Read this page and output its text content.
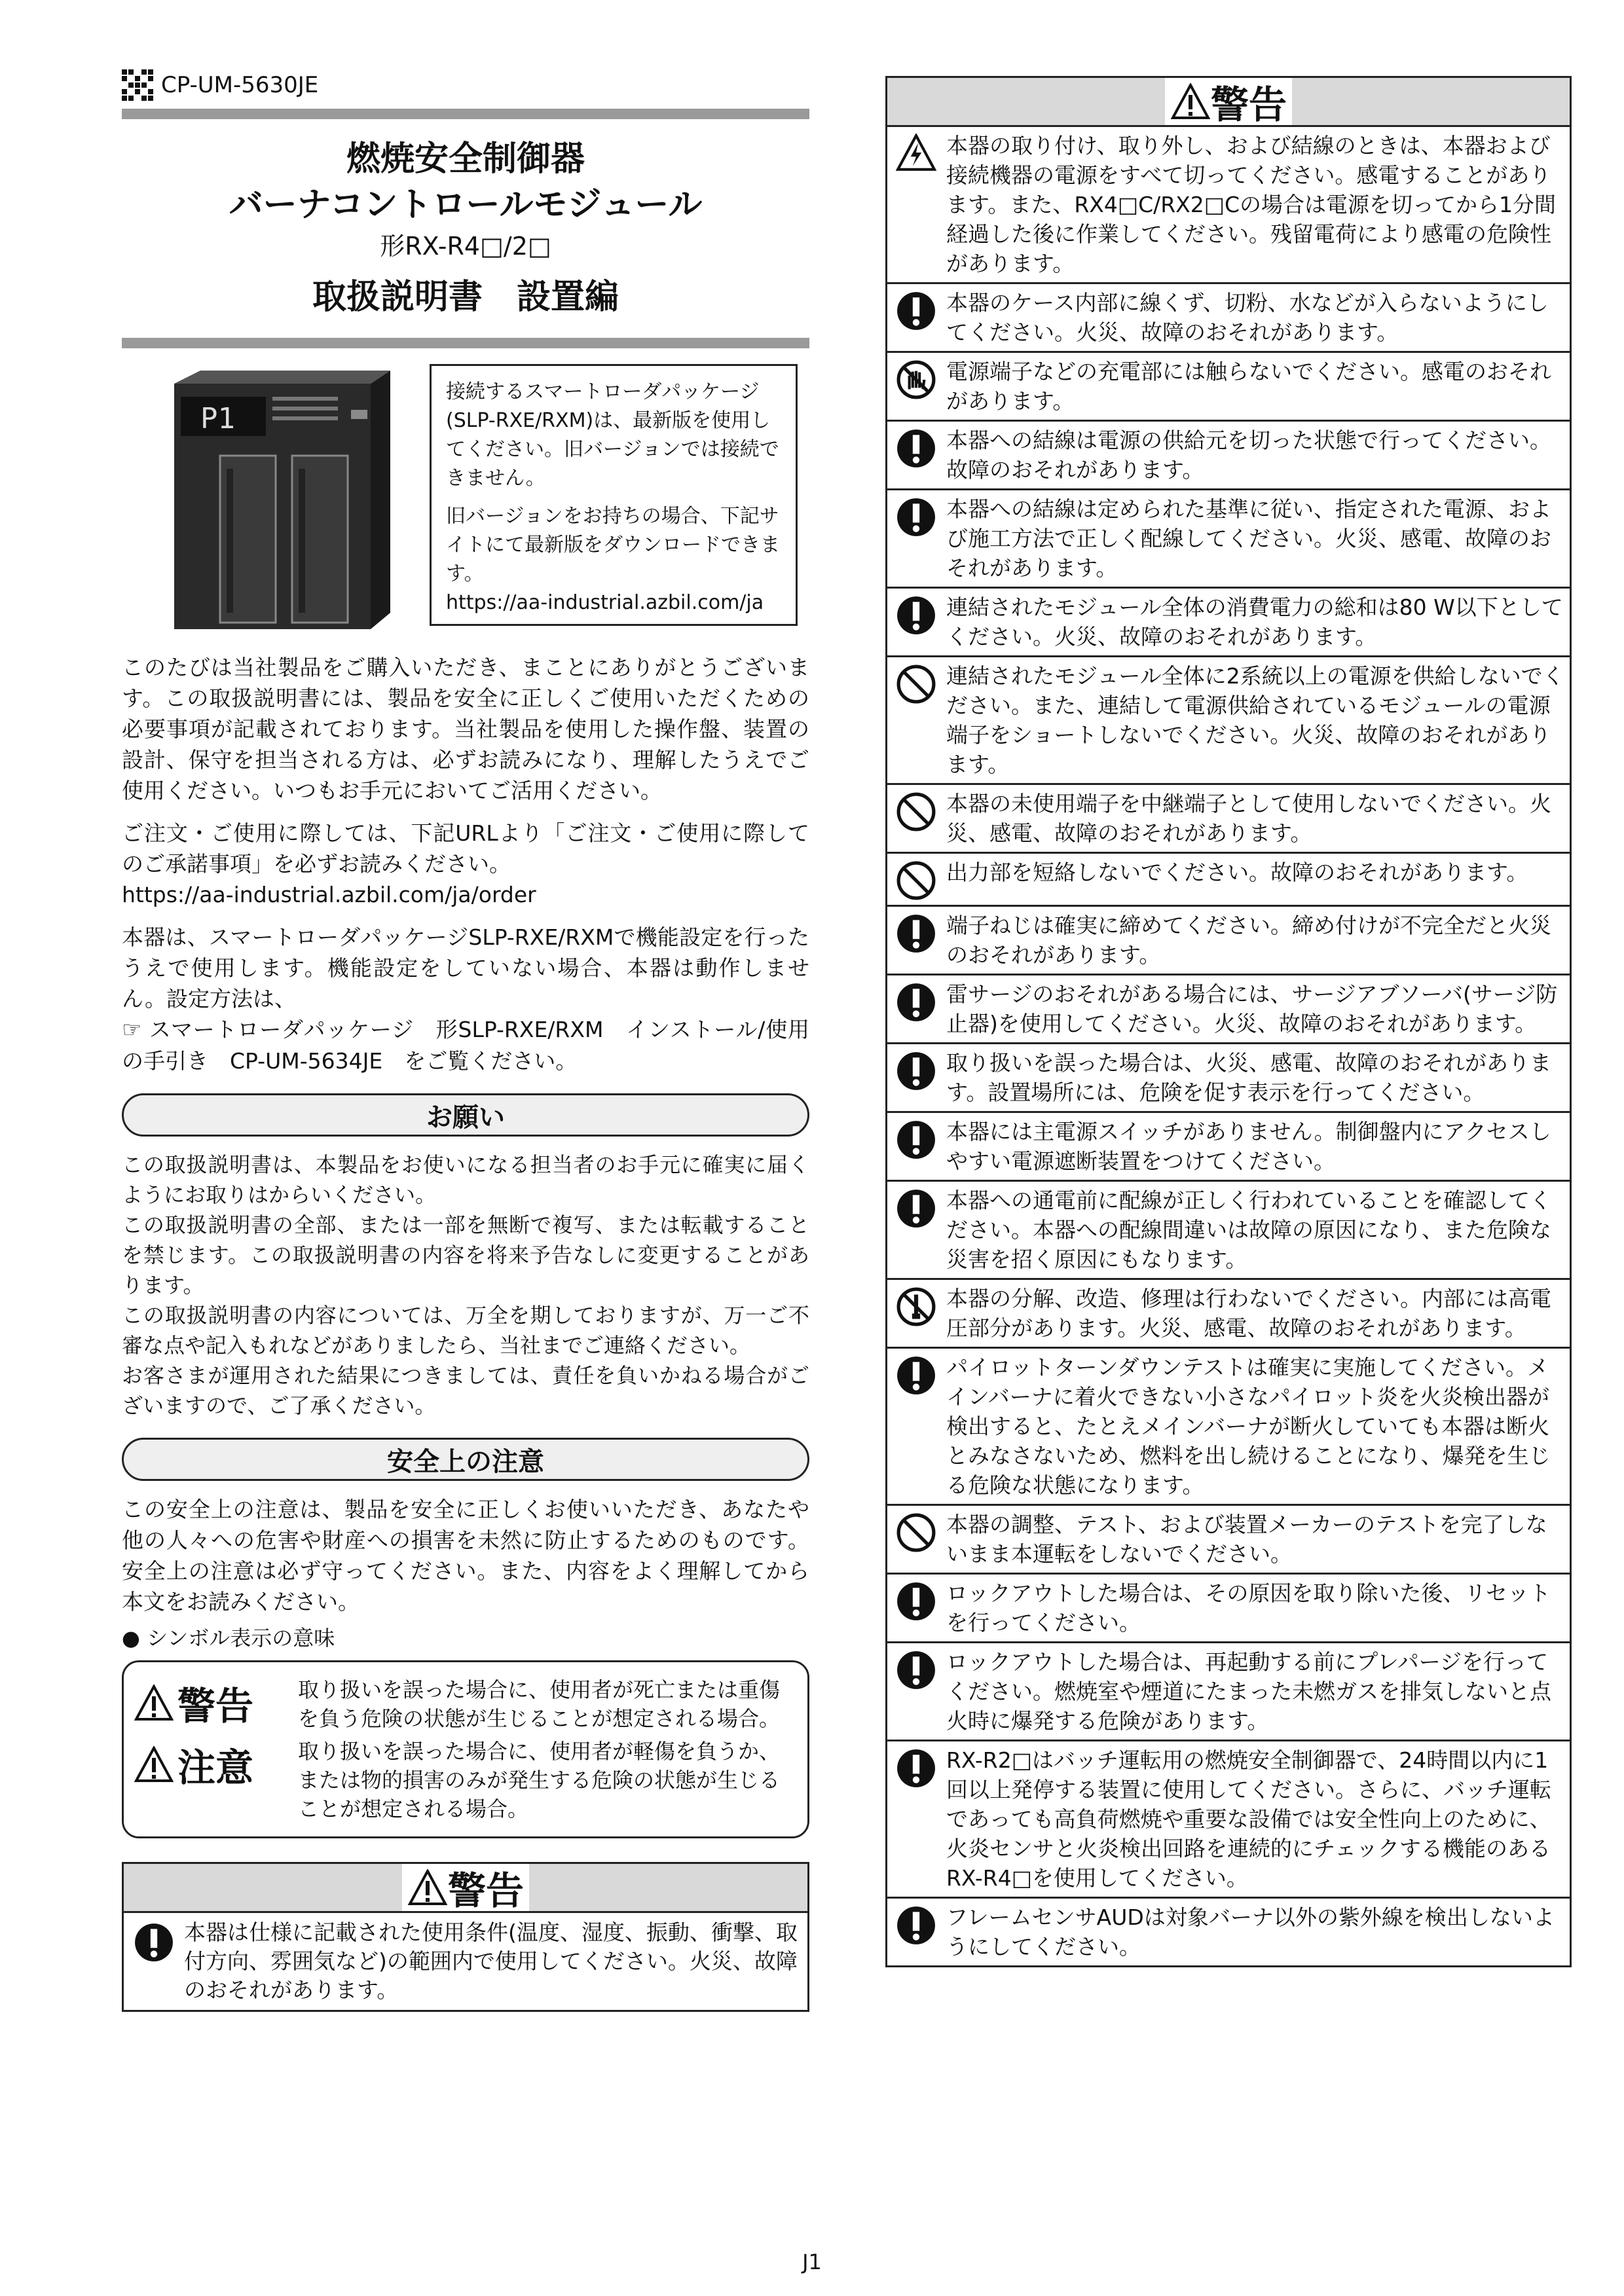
CP-UM-5630JE
燃焼安全制御器
バーナコントロールモジュール
形RX-R4□/2□
取扱説明書　設置編
P1

接続するスマートローダパッケージ(SLP-RXE/RXM)は、最新版を使用してください。旧バージョンでは接続できません。

旧バージョンをお持ちの場合、下記サイトにて最新版をダウンロードできます。

https://aa-industrial.azbil.com/ja

このたびは当社製品をご購入いただき、まことにありがとうございます。この取扱説明書には、製品を安全に正しくご使用いただくための必要事項が記載されております。当社製品を使用した操作盤、装置の設計、保守を担当される方は、必ずお読みになり、理解したうえでご使用ください。いつもお手元においてご活用ください。

ご注文・ご使用に際しては、下記URLより「ご注文・ご使用に際してのご承諾事項」を必ずお読みください。

https://aa-industrial.azbil.com/ja/order

本器は、スマートローダパッケージSLP-RXE/RXMで機能設定を行ったうえで使用します。機能設定をしていない場合、本器は動作しません。設定方法は、

☞ スマートローダパッケージ　形SLP-RXE/RXM　インストール/使用の手引き　CP-UM-5634JE　をご覧ください。

お願い

この取扱説明書は、本製品をお使いになる担当者のお手元に確実に届くようにお取りはからいください。

この取扱説明書の全部、または一部を無断で複写、または転載することを禁じます。この取扱説明書の内容を将来予告なしに変更することがあります。

この取扱説明書の内容については、万全を期しておりますが、万一ご不審な点や記入もれなどがありましたら、当社までご連絡ください。

お客さまが運用された結果につきましては、責任を負いかねる場合がございますので、ご了承ください。

安全上の注意

この安全上の注意は、製品を安全に正しくお使いいただき、あなたや他の人々への危害や財産への損害を未然に防止するためのものです。安全上の注意は必ず守ってください。また、内容をよく理解してから本文をお読みください。

● シンボル表示の意味
警告 取り扱いを誤った場合に、使用者が死亡または重傷を負う危険の状態が生じることが想定される場合。
注意 取り扱いを誤った場合に、使用者が軽傷を負うか、または物的損害のみが発生する危険の状態が生じることが想定される場合。
警告
本器は仕様に記載された使用条件(温度、湿度、振動、衝撃、取付方向、雰囲気など)の範囲内で使用してください。火災、故障のおそれがあります。
警告
本器の取り付け、取り外し、および結線のときは、本器および接続機器の電源をすべて切ってください。感電することがあります。また、RX4□C/RX2□Cの場合は電源を切ってから1分間経過した後に作業してください。残留電荷により感電の危険性があります。
本器のケース内部に線くず、切粉、水などが入らないようにしてください。火災、故障のおそれがあります。
電源端子などの充電部には触らないでください。感電のおそれがあります。
本器への結線は電源の供給元を切った状態で行ってください。故障のおそれがあります。
本器への結線は定められた基準に従い、指定された電源、および施工方法で正しく配線してください。火災、感電、故障のおそれがあります。
連結されたモジュール全体の消費電力の総和は80 W以下としてください。火災、故障のおそれがあります。
連結されたモジュール全体に2系統以上の電源を供給しないでください。また、連結して電源供給されているモジュールの電源端子をショートしないでください。火災、故障のおそれがあります。
本器の未使用端子を中継端子として使用しないでください。火災、感電、故障のおそれがあります。
出力部を短絡しないでください。故障のおそれがあります。
端子ねじは確実に締めてください。締め付けが不完全だと火災のおそれがあります。
雷サージのおそれがある場合には、サージアブソーバ(サージ防止器)を使用してください。火災、故障のおそれがあります。
取り扱いを誤った場合は、火災、感電、故障のおそれがあります。設置場所には、危険を促す表示を行ってください。
本器には主電源スイッチがありません。制御盤内にアクセスしやすい電源遮断装置をつけてください。
本器への通電前に配線が正しく行われていることを確認してください。本器への配線間違いは故障の原因になり、また危険な災害を招く原因にもなります。
本器の分解、改造、修理は行わないでください。内部には高電圧部分があります。火災、感電、故障のおそれがあります。
パイロットターンダウンテストは確実に実施してください。メインバーナに着火できない小さなパイロット炎を火炎検出器が検出すると、たとえメインバーナが断火していても本器は断火とみなさないため、燃料を出し続けることになり、爆発を生じる危険な状態になります。
本器の調整、テスト、および装置メーカーのテストを完了しないまま本運転をしないでください。
ロックアウトした場合は、その原因を取り除いた後、リセットを行ってください。
ロックアウトした場合は、再起動する前にプレパージを行ってください。燃焼室や煙道にたまった未燃ガスを排気しないと点火時に爆発する危険があります。
RX-R2□はバッチ運転用の燃焼安全制御器で、24時間以内に1回以上発停する装置に使用してください。さらに、バッチ運転であっても高負荷燃焼や重要な設備では安全性向上のために、火炎センサと火炎検出回路を連続的にチェックする機能のあるRX-R4□を使用してください。
フレームセンサAUDは対象バーナ以外の紫外線を検出しないようにしてください。
J1
